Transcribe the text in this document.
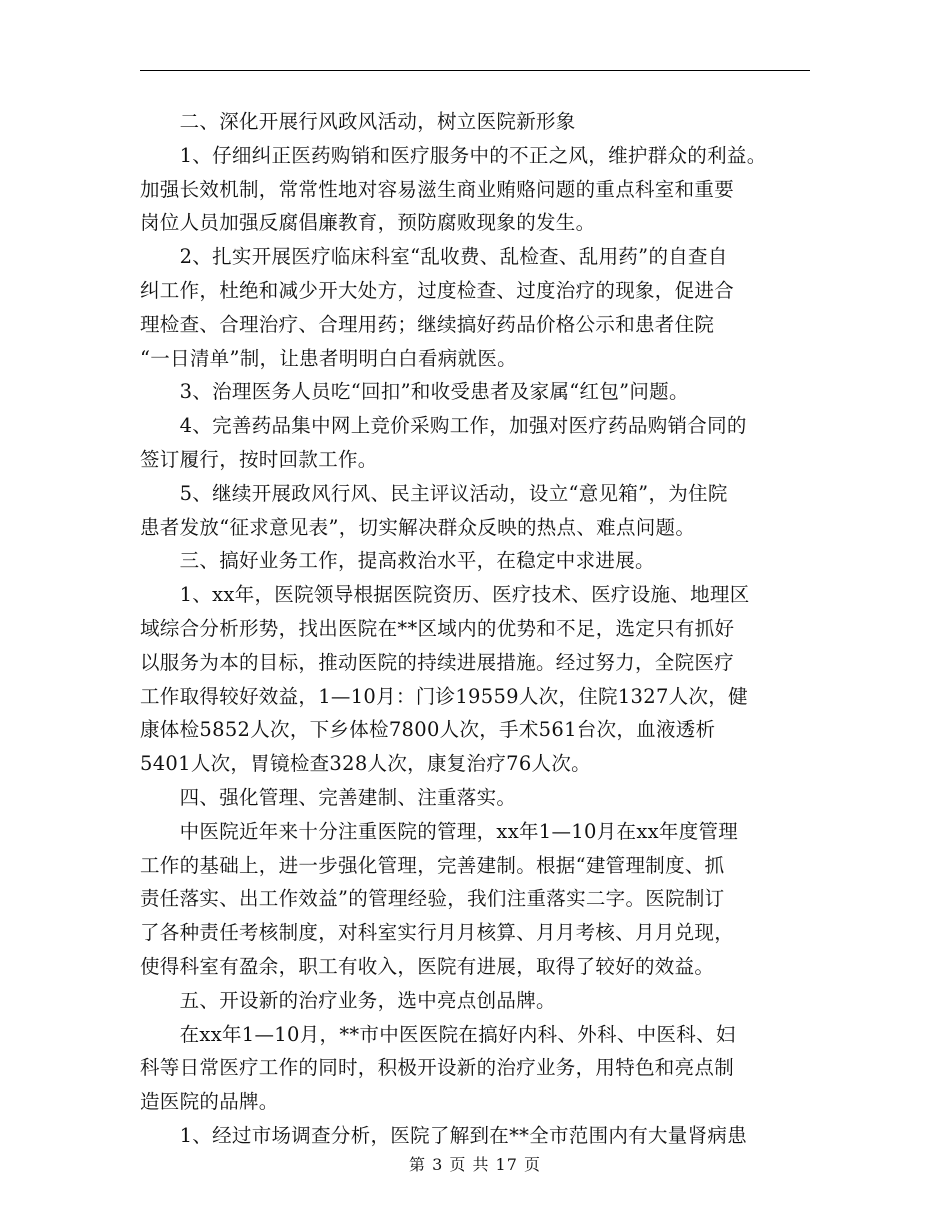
　　二、深化开展行风政风活动，树立医院新形象
　　1、仔细纠正医药购销和医疗服务中的不正之风，维护群众的利益。
加强长效机制，常常性地对容易滋生商业贿赂问题的重点科室和重要
岗位人员加强反腐倡廉教育，预防腐败现象的发生。
　　2、扎实开展医疗临床科室“乱收费、乱检查、乱用药”的自查自
纠工作，杜绝和减少开大处方，过度检查、过度治疗的现象，促进合
理检查、合理治疗、合理用药；继续搞好药品价格公示和患者住院
“一日清单”制，让患者明明白白看病就医。
　　3、治理医务人员吃“回扣”和收受患者及家属“红包”问题。
　　4、完善药品集中网上竞价采购工作，加强对医疗药品购销合同的
签订履行，按时回款工作。
　　5、继续开展政风行风、民主评议活动，设立“意见箱”，为住院
患者发放“征求意见表”，切实解决群众反映的热点、难点问题。
　　三、搞好业务工作，提高救治水平，在稳定中求进展。
　　1、xx年，医院领导根据医院资历、医疗技术、医疗设施、地理区
域综合分析形势，找出医院在**区域内的优势和不足，选定只有抓好
以服务为本的目标，推动医院的持续进展措施。经过努力，全院医疗
工作取得较好效益，1—10月：门诊19559人次，住院1327人次，健
康体检5852人次，下乡体检7800人次，手术561台次，血液透析
5401人次，胃镜检查328人次，康复治疗76人次。
　　四、强化管理、完善建制、注重落实。
　　中医院近年来十分注重医院的管理，xx年1—10月在xx年度管理
工作的基础上，进一步强化管理，完善建制。根据“建管理制度、抓
责任落实、出工作效益”的管理经验，我们注重落实二字。医院制订
了各种责任考核制度，对科室实行月月核算、月月考核、月月兑现，
使得科室有盈余，职工有收入，医院有进展，取得了较好的效益。
　　五、开设新的治疗业务，选中亮点创品牌。
　　在xx年1—10月，**市中医医院在搞好内科、外科、中医科、妇
科等日常医疗工作的同时，积极开设新的治疗业务，用特色和亮点制
造医院的品牌。
　　1、经过市场调查分析，医院了解到在**全市范围内有大量肾病患
第 3 页 共 17 页
